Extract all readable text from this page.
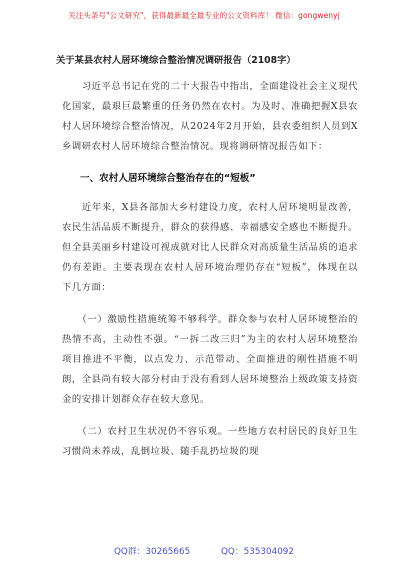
关注头条号"公文研究"，获得最新最全最专业的公文资料库！ 微信：gongwenyj
关于某县农村人居环境综合整治情况调研报告（2108字）

　　习近平总书记在党的二十大报告中指出，全面建设社会主义现代化国家，最艰巨最繁重的任务仍然在农村。为及时、准确把握X县农村人居环境综合整治情况，从2024年2月开始，县农委组织人员到X乡调研农村人居环境综合整治情况。现将调研情况报告如下：

一、农村人居环境综合整治存在的“短板”

　　近年来，X县各部加大乡村建设力度，农村人居环境明显改善，农民生活品质不断提升，群众的获得感、幸福感安全感也不断提升。但全县美丽乡村建设可视成就对比人民群众对高质量生活品质的追求仍有差距。主要表现在农村人居环境治理仍存在“短板”，体现在以下几方面：

　　（一）激励性措施统筹不够科学。群众参与农村人居环境整治的热情不高，主动性不强。“一拆二改三归”为主的农村人居环境整治项目推进不平衡，以点发力、示范带动、全面推进的刚性措施不明朗，全县尚有较大部分村由于没有看到人居环境整治上级政策支持资金的安排计划群众存在较大意见。

　　（二）农村卫生状况仍不容乐观。一些地方农村居民的良好卫生习惯尚未养成，乱倒垃圾、随手乱扔垃圾的现

QQ群：30265665	QQ：535304092
